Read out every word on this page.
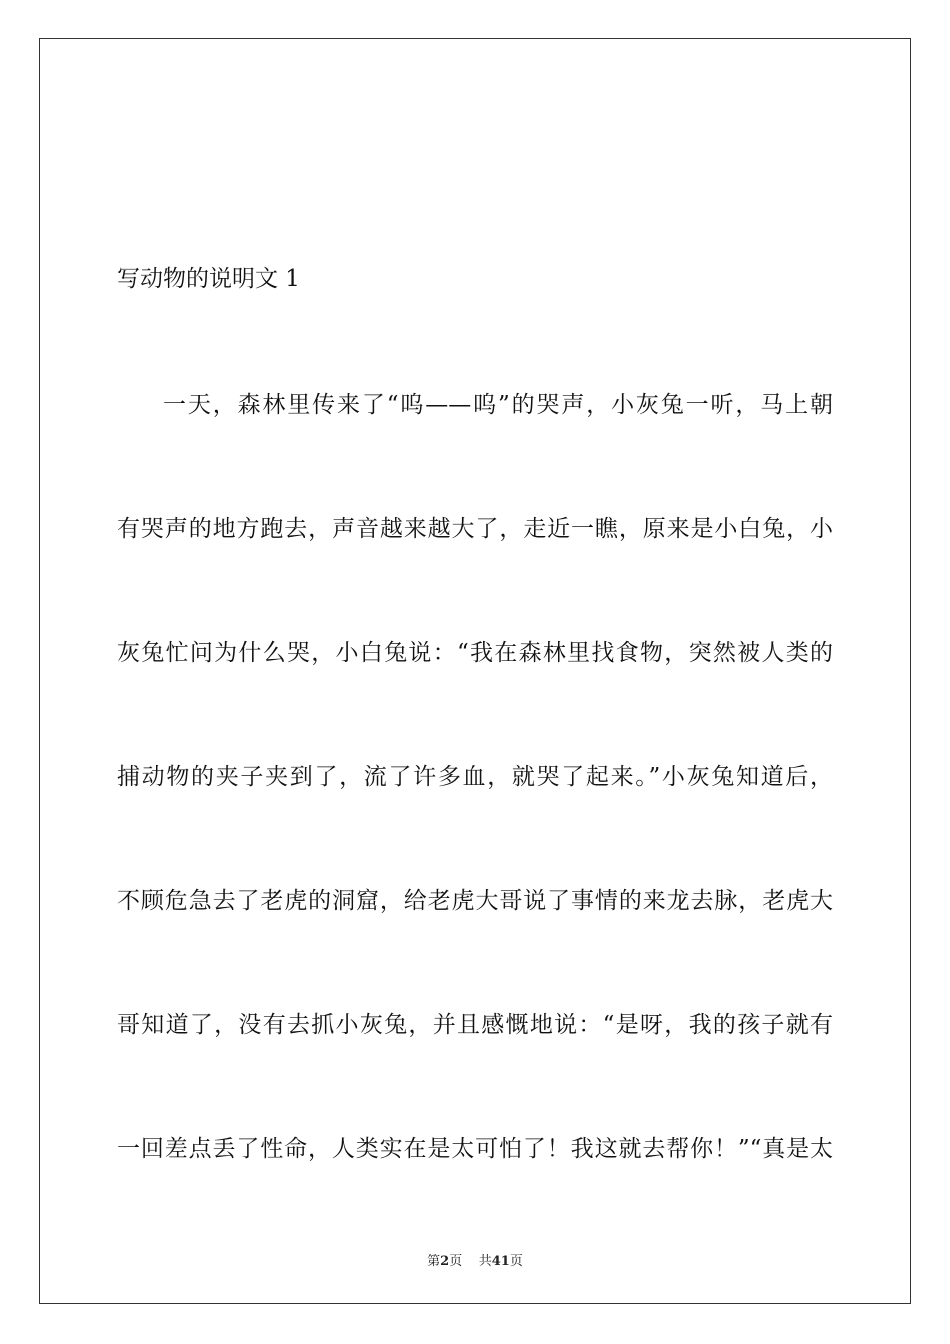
写动物的说明文 1
一天，森林里传来了“呜——呜”的哭声，小灰兔一听，马上朝
有哭声的地方跑去，声音越来越大了，走近一瞧，原来是小白兔，小
灰兔忙问为什么哭，小白兔说：“我在森林里找食物，突然被人类的
捕动物的夹子夹到了，流了许多血，就哭了起来。”小灰兔知道后，
不顾危急去了老虎的洞窟，给老虎大哥说了事情的来龙去脉，老虎大
哥知道了，没有去抓小灰兔，并且感慨地说：“是呀，我的孩子就有
一回差点丢了性命，人类实在是太可怕了！我这就去帮你！”“真是太
第2页 共41页
